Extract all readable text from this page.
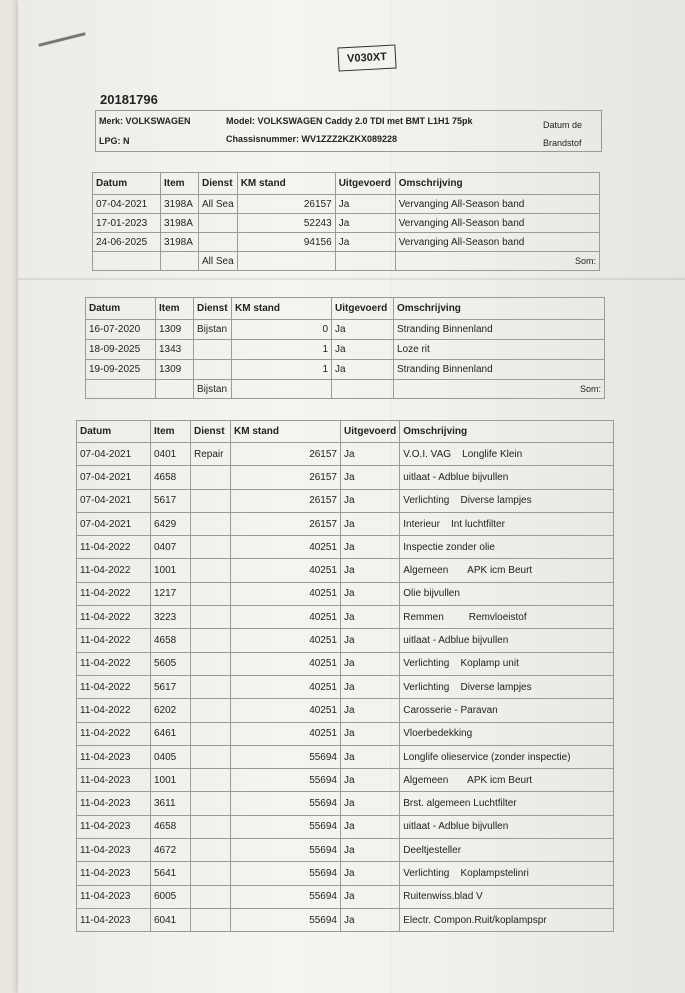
V030XT
20181796
Merk: VOLKSWAGEN	Model: VOLKSWAGEN Caddy 2.0 TDI met BMT L1H1 75pk	Datum de
LPG: N	Chassisnummer: WV1ZZZ2KZKX089228	Brandstof
Datum	Item	Dienst	KM stand	Uitgevoerd	Omschrijving
07-04-2021	3198A	All Sea	26157	Ja	Vervanging All-Season band
17-01-2023	3198A		52243	Ja	Vervanging All-Season band
24-06-2025	3198A		94156	Ja	Vervanging All-Season band
		All Sea			Som:
Datum	Item	Dienst	KM stand	Uitgevoerd	Omschrijving
16-07-2020	1309	Bijstan	0	Ja	Stranding Binnenland
18-09-2025	1343		1	Ja	Loze rit
19-09-2025	1309		1	Ja	Stranding Binnenland
		Bijstan			Som:
Datum	Item	Dienst	KM stand	Uitgevoerd	Omschrijving
07-04-2021	0401	Repair	26157	Ja	V.O.I. VAG    Longlife Klein
07-04-2021	4658		26157	Ja	uitlaat - Adblue bijvullen
07-04-2021	5617		26157	Ja	Verlichting    Diverse lampjes
07-04-2021	6429		26157	Ja	Interieur    Int luchtfilter
11-04-2022	0407		40251	Ja	Inspectie zonder olie
11-04-2022	1001		40251	Ja	Algemeen       APK icm Beurt
11-04-2022	1217		40251	Ja	Olie bijvullen
11-04-2022	3223		40251	Ja	Remmen         Remvloeistof
11-04-2022	4658		40251	Ja	uitlaat - Adblue bijvullen
11-04-2022	5605		40251	Ja	Verlichting    Koplamp unit
11-04-2022	5617		40251	Ja	Verlichting    Diverse lampjes
11-04-2022	6202		40251	Ja	Carosserie - Paravan
11-04-2022	6461		40251	Ja	Vloerbedekking
11-04-2023	0405		55694	Ja	Longlife olieservice (zonder inspectie)
11-04-2023	1001		55694	Ja	Algemeen       APK icm Beurt
11-04-2023	3611		55694	Ja	Brst. algemeen Luchtfilter
11-04-2023	4658		55694	Ja	uitlaat - Adblue bijvullen
11-04-2023	4672		55694	Ja	Deeltjesteller
11-04-2023	5641		55694	Ja	Verlichting    Koplampstelinri
11-04-2023	6005		55694	Ja	Ruitenwiss.blad V
11-04-2023	6041		55694	Ja	Electr. Compon.Ruit/koplampspr
